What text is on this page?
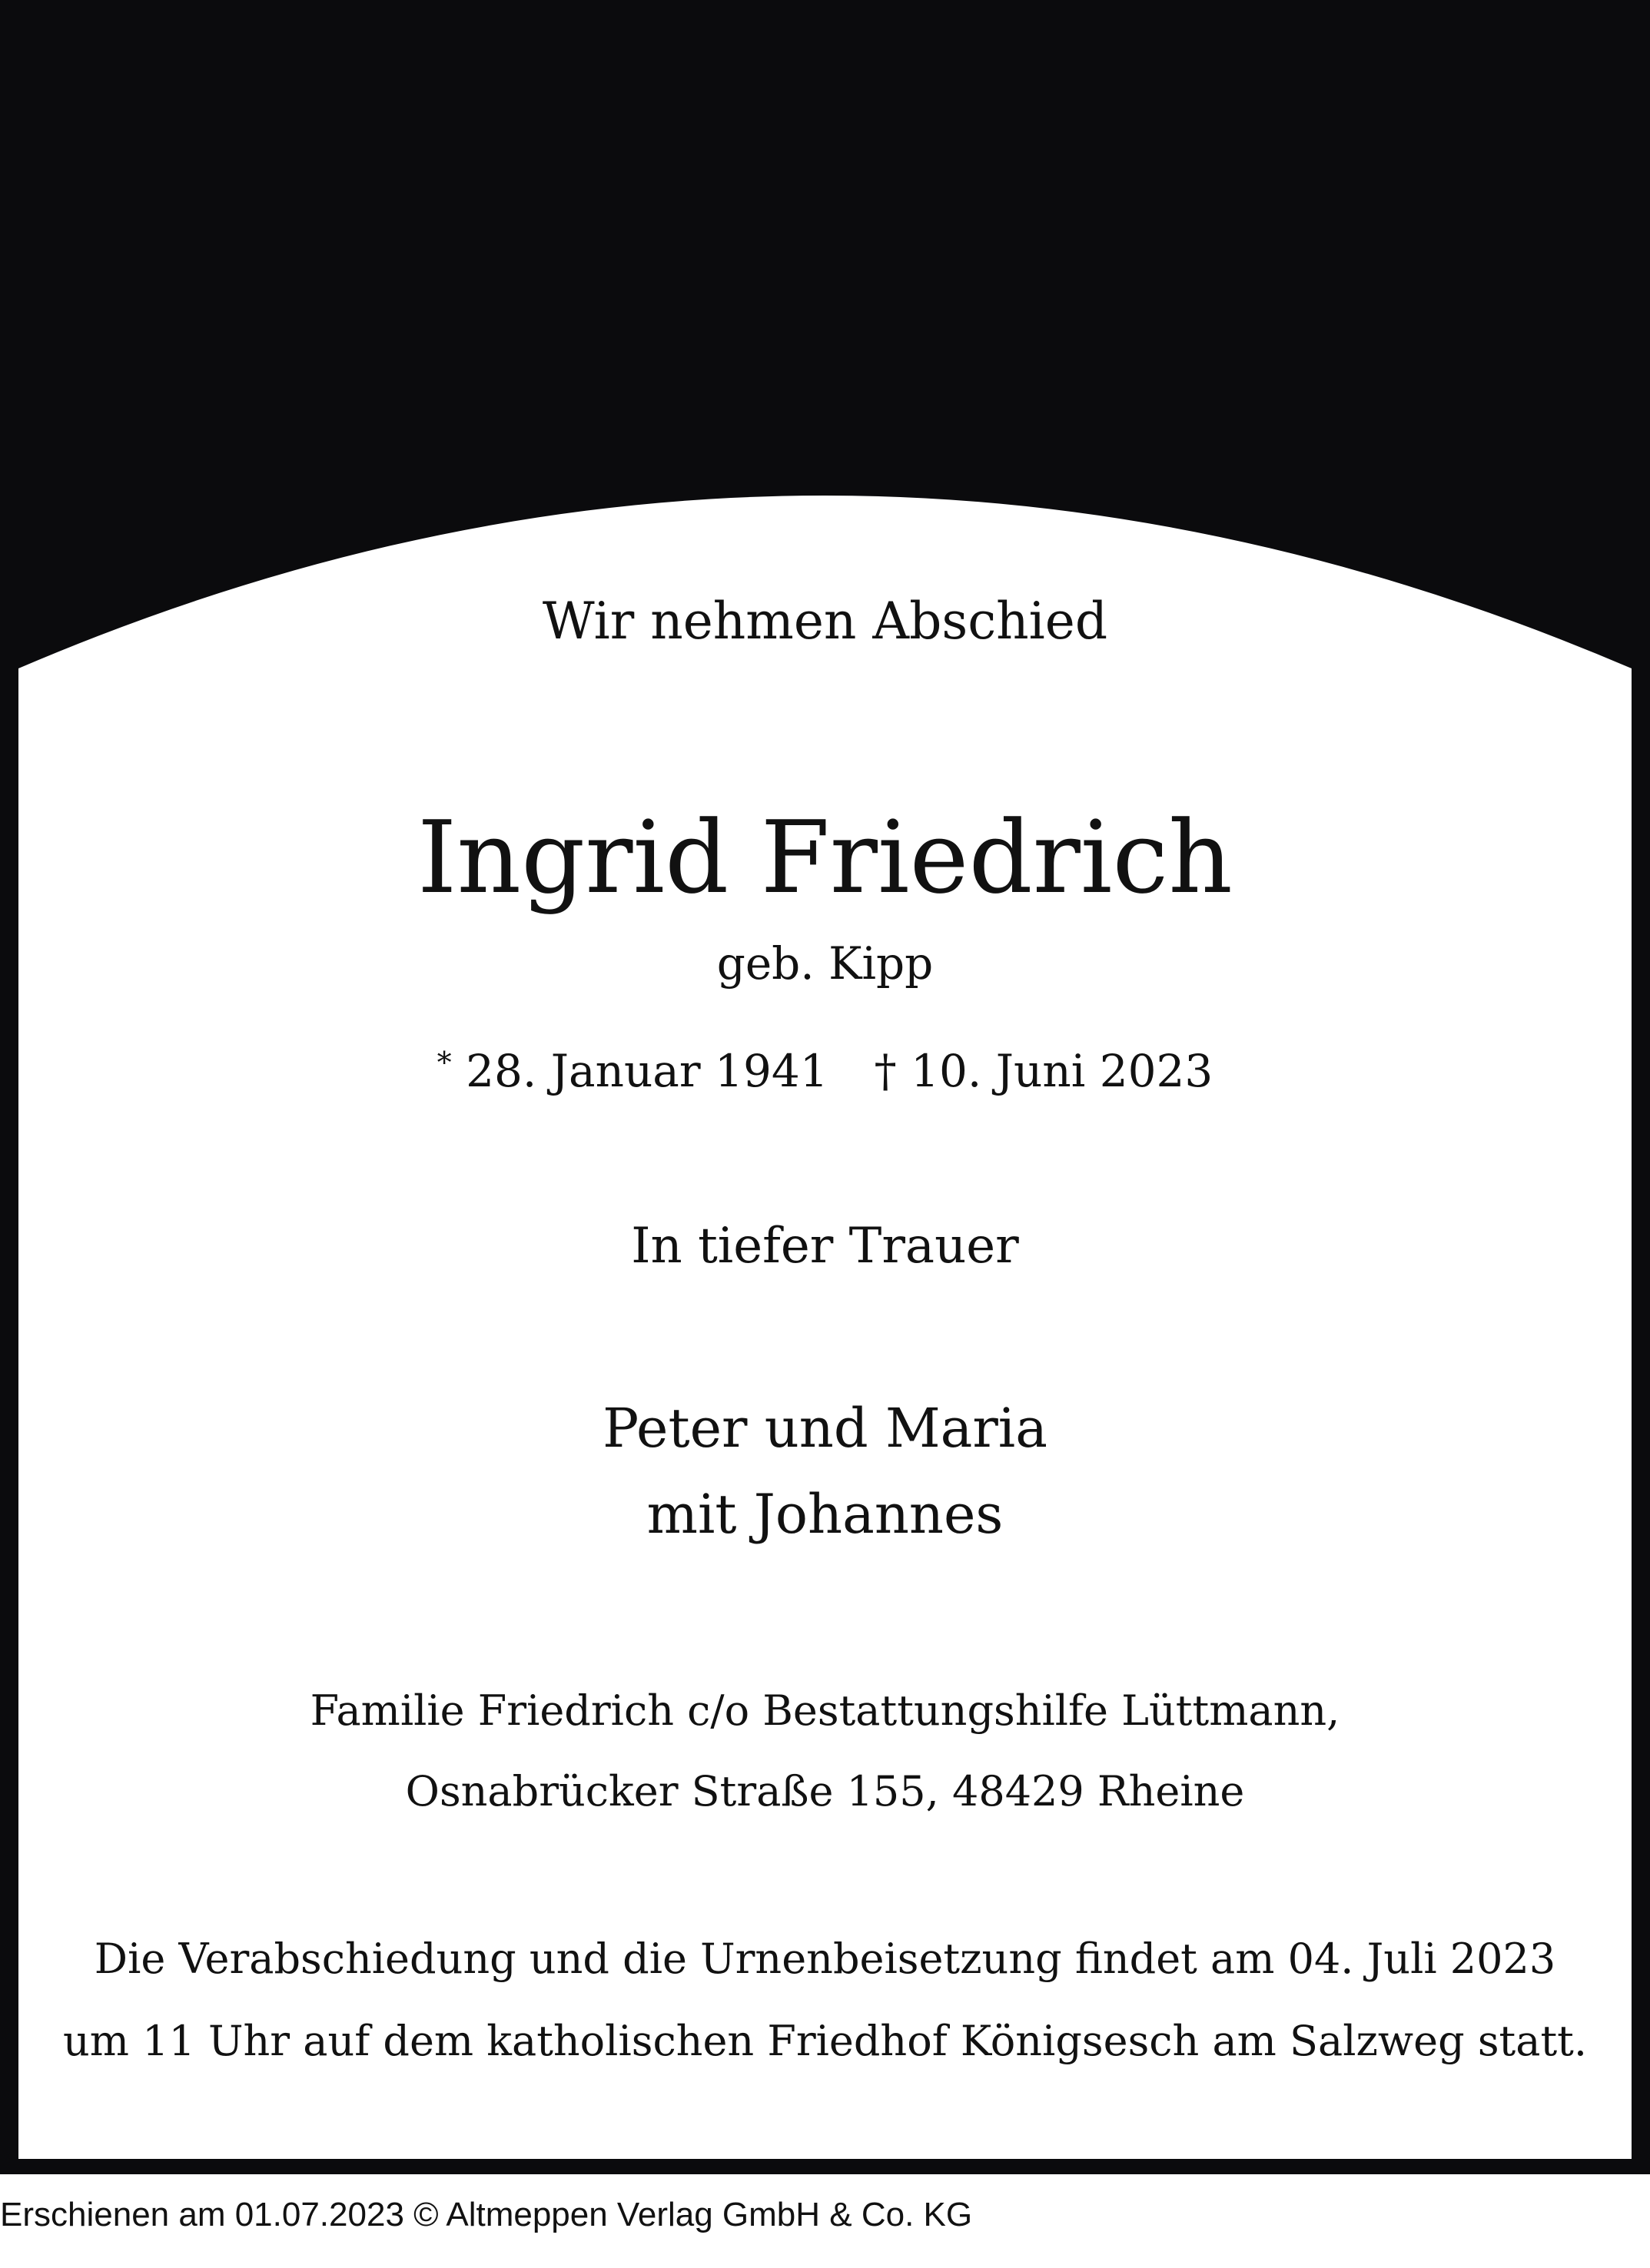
Wir nehmen Abschied
Ingrid Friedrich
geb. Kipp
* 28. Januar 1941 † 10. Juni 2023
In tiefer Trauer
Peter und Maria
mit Johannes
Familie Friedrich c/o Bestattungshilfe Lüttmann,
Osnabrücker Straße 155, 48429 Rheine
Die Verabschiedung und die Urnenbeisetzung findet am 04. Juli 2023
um 11 Uhr auf dem katholischen Friedhof Königsesch am Salzweg statt.
Erschienen am 01.07.2023 © Altmeppen Verlag GmbH & Co. KG
